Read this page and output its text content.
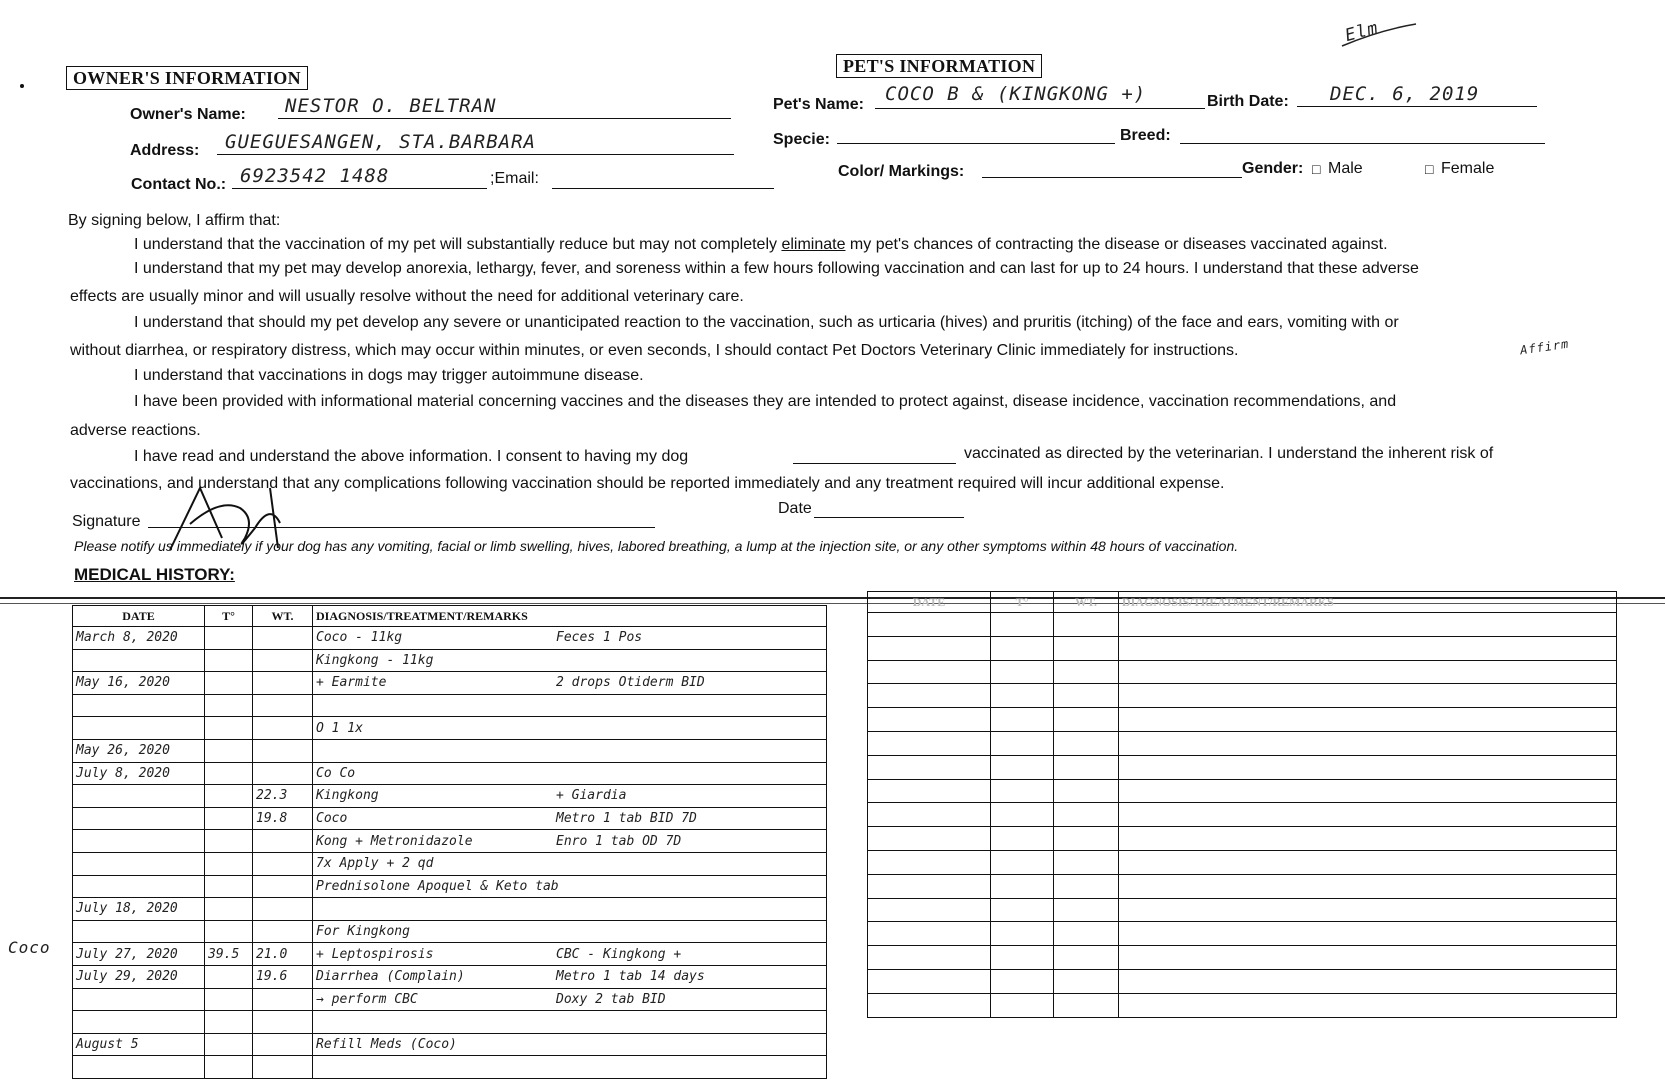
Elm
OWNER'S INFORMATION
Owner's Name: NESTOR O. BELTRAN
Address: GUEGUESANGEN, STA.BARBARA
Contact No.: 6923542 1488	;Email:
PET'S INFORMATION
Pet's Name: COCO B & (KINGKONG +)	Birth Date: DEC. 6, 2019
Specie:	Breed:
Color/ Markings:	Gender: □ Male	□ Female
By signing below, I affirm that:
I understand that the vaccination of my pet will substantially reduce but may not completely eliminate my pet's chances of contracting the disease or diseases vaccinated against.
I understand that my pet may develop anorexia, lethargy, fever, and soreness within a few hours following vaccination and can last for up to 24 hours. I understand that these adverse
effects are usually minor and will usually resolve without the need for additional veterinary care.
I understand that should my pet develop any severe or unanticipated reaction to the vaccination, such as urticaria (hives) and pruritis (itching) of the face and ears, vomiting with or
without diarrhea, or respiratory distress, which may occur within minutes, or even seconds, I should contact Pet Doctors Veterinary Clinic immediately for instructions.	Affirm
I understand that vaccinations in dogs may trigger autoimmune disease.
I have been provided with informational material concerning vaccines and the diseases they are intended to protect against, disease incidence, vaccination recommendations, and
adverse reactions.
I have read and understand the above information. I consent to having my dog	vaccinated as directed by the veterinarian. I understand the inherent risk of
vaccinations, and understand that any complications following vaccination should be reported immediately and any treatment required will incur additional expense.
Signature
Date
Please notify us immediately if your dog has any vomiting, facial or limb swelling, hives, labored breathing, a lump at the injection site, or any other symptoms within 48 hours of vaccination.
MEDICAL HISTORY:
Coco
DATE	T°	WT.	DIAGNOSIS/TREATMENT/REMARKS
March 8, 2020			Coco - 11kg Feces 1 Pos
			Kingkong - 11kg
May 16, 2020			+ Earmite 2 drops Otiderm BID

			O 1 1x
May 26, 2020			
July 8, 2020			Co Co
		22.3	Kingkong + Giardia
		19.8	Coco Metro 1 tab BID 7D
			Kong + Metronidazole Enro 1 tab OD 7D
			7x Apply + 2 qd
			Prednisolone Apoquel & Keto tab
July 18, 2020			
			For Kingkong
July 27, 2020	39.5	21.0	+ Leptospirosis CBC - Kingkong +
July 29, 2020		19.6	Diarrhea (Complain) Metro 1 tab 14 days
			→ perform CBC Doxy 2 tab BID

August 5			Refill Meds (Coco)

DATE	T°	WT.	DIAGNOSIS/TREATMENT/REMARKS
